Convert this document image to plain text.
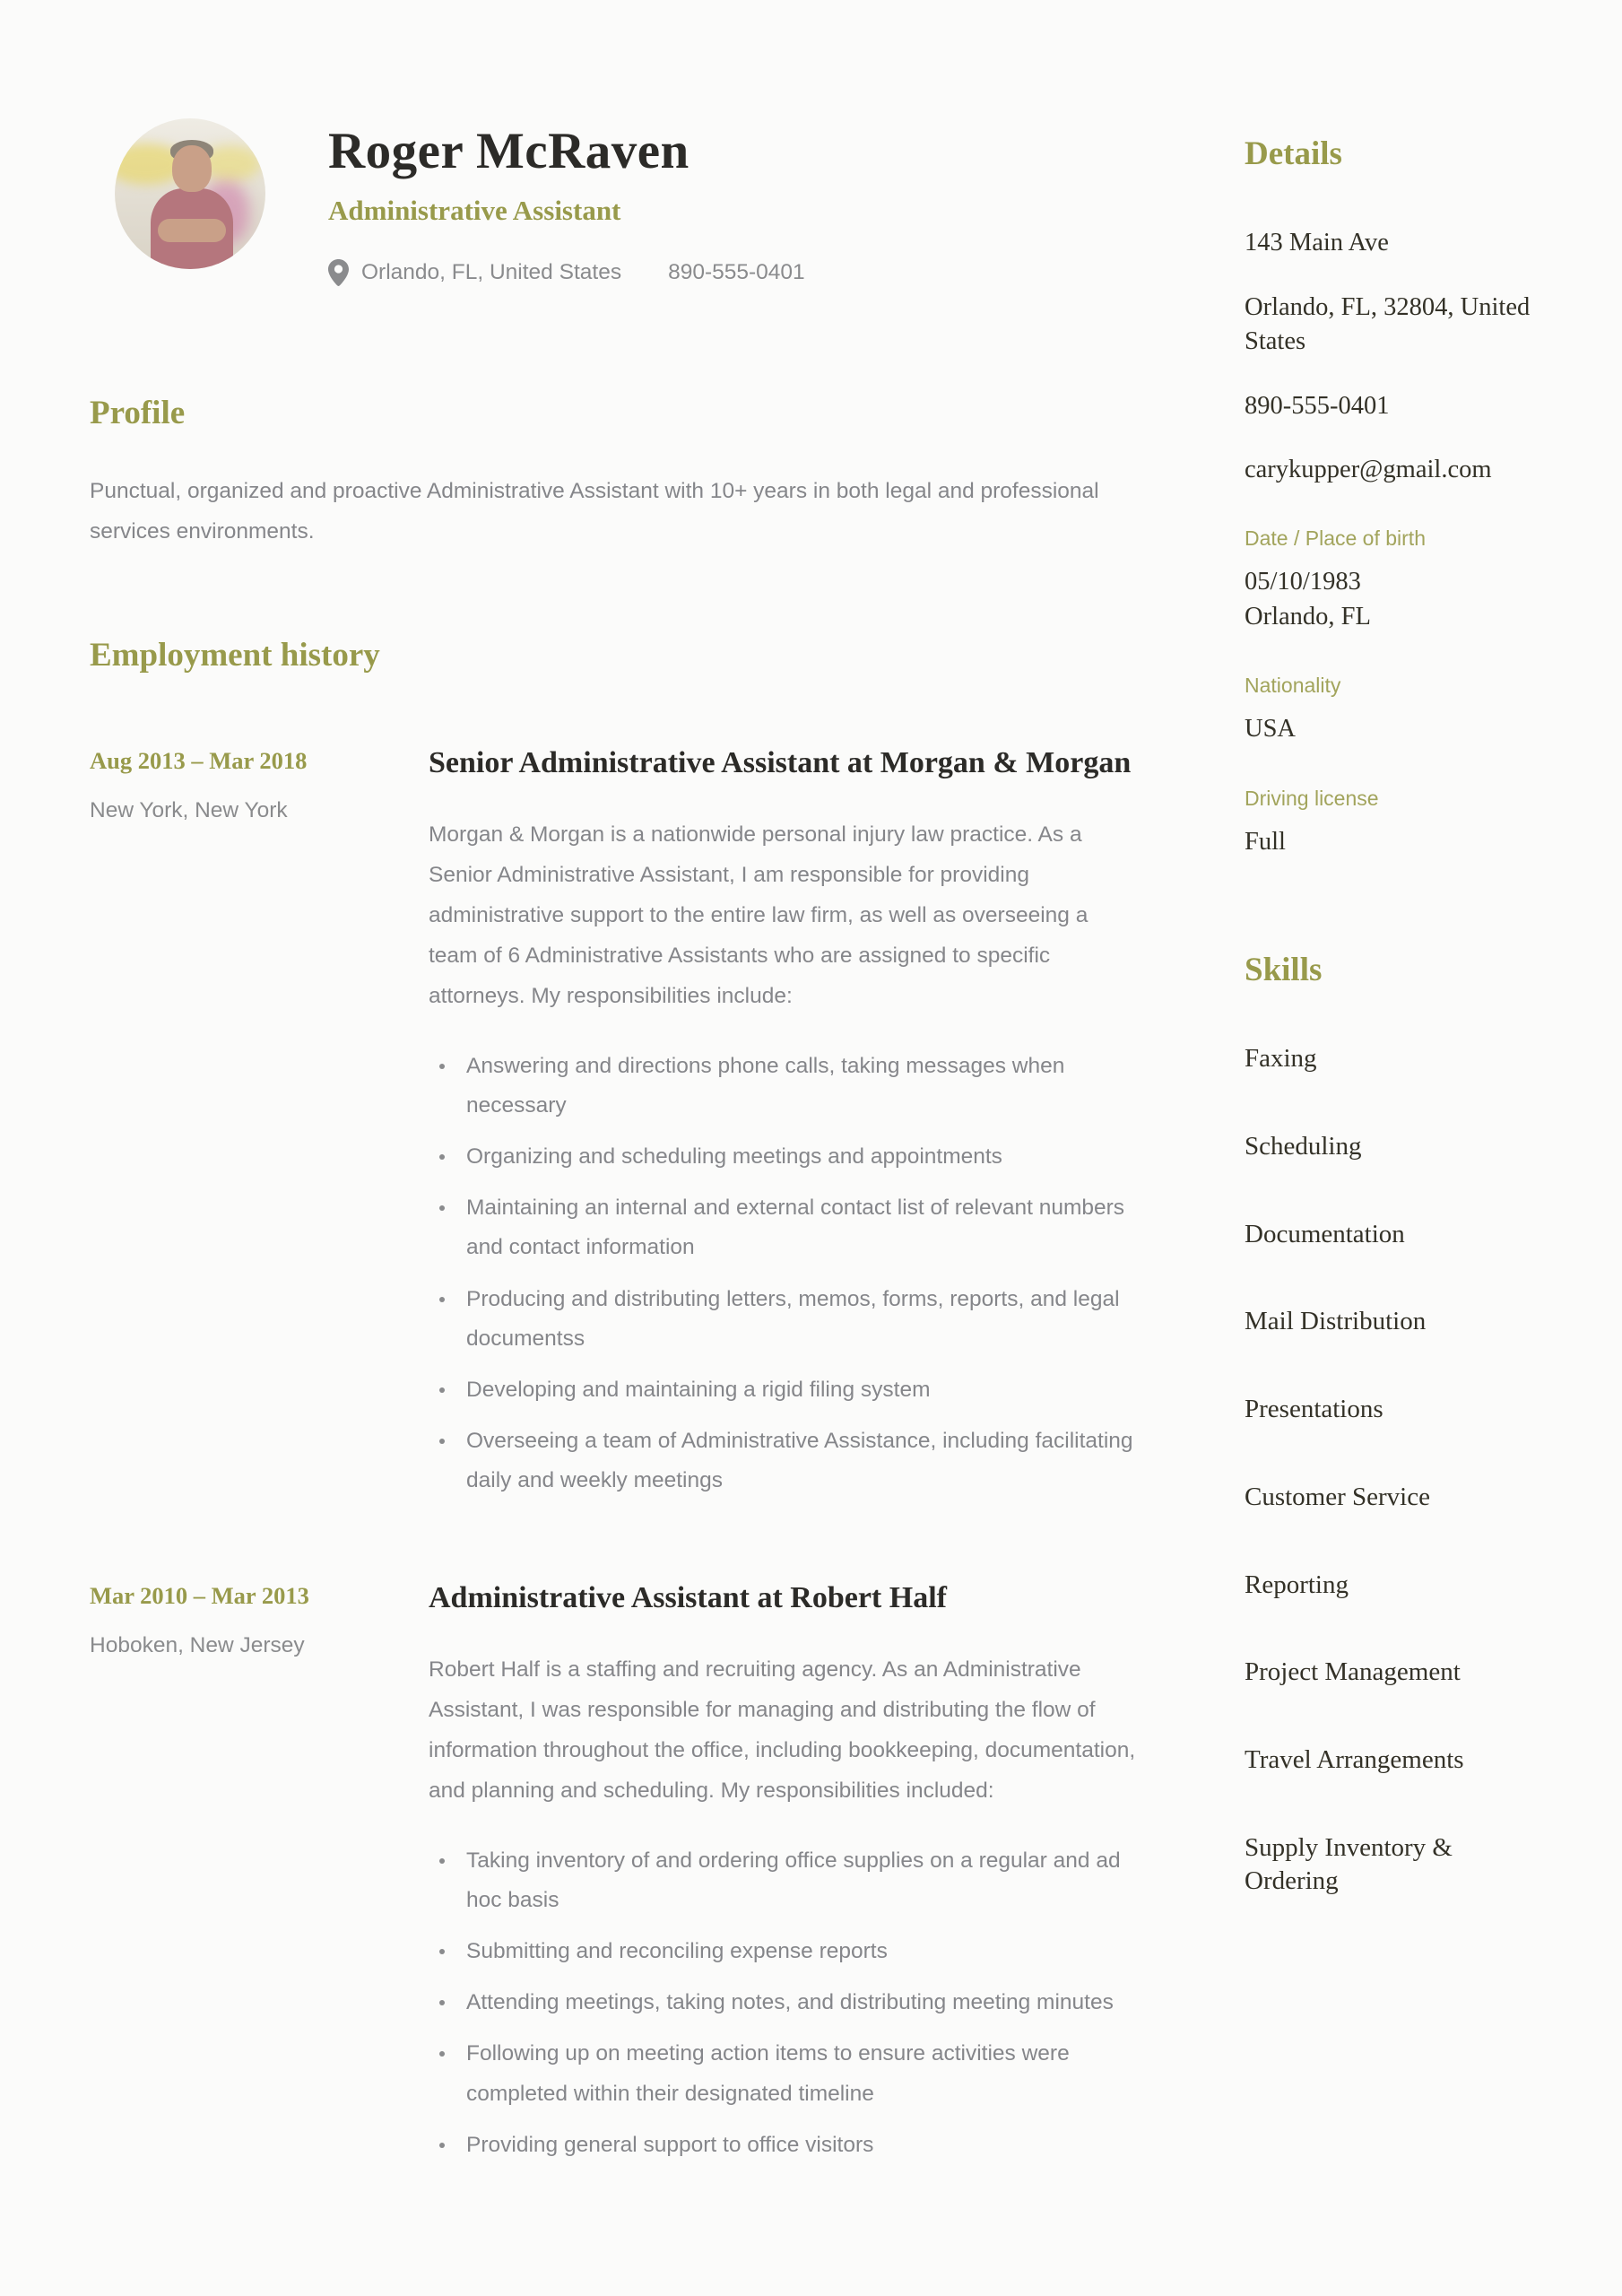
Roger McRaven
Administrative Assistant
Orlando, FL, United States 890-555-0401
Profile
Punctual, organized and proactive Administrative Assistant with 10+ years in both legal and professional services environments.
Employment history
Aug 2013 – Mar 2018
New York, New York
Senior Administrative Assistant at Morgan & Morgan
Morgan & Morgan is a nationwide personal injury law practice. As a Senior Administrative Assistant, I am responsible for providing administrative support to the entire law firm, as well as overseeing a team of 6 Administrative Assistants who are assigned to specific attorneys. My responsibilities include:
Answering and directions phone calls, taking messages when necessary
Organizing and scheduling meetings and appointments
Maintaining an internal and external contact list of relevant numbers and contact information
Producing and distributing letters, memos, forms, reports, and legal documentss
Developing and maintaining a rigid filing system
Overseeing a team of Administrative Assistance, including facilitating daily and weekly meetings
Mar 2010 – Mar 2013
Hoboken, New Jersey
Administrative Assistant at Robert Half
Robert Half is a staffing and recruiting agency. As an Administrative Assistant, I was responsible for managing and distributing the flow of information throughout the office, including bookkeeping, documentation, and planning and scheduling. My responsibilities included:
Taking inventory of and ordering office supplies on a regular and ad hoc basis
Submitting and reconciling expense reports
Attending meetings, taking notes, and distributing meeting minutes
Following up on meeting action items to ensure activities were completed within their designated timeline
Providing general support to office visitors
Details
143 Main Ave
Orlando, FL, 32804, United States
890-555-0401
carykupper@gmail.com
Date / Place of birth
05/10/1983
Orlando, FL
Nationality
USA
Driving license
Full
Skills
Faxing
Scheduling
Documentation
Mail Distribution
Presentations
Customer Service
Reporting
Project Management
Travel Arrangements
Supply Inventory & Ordering
